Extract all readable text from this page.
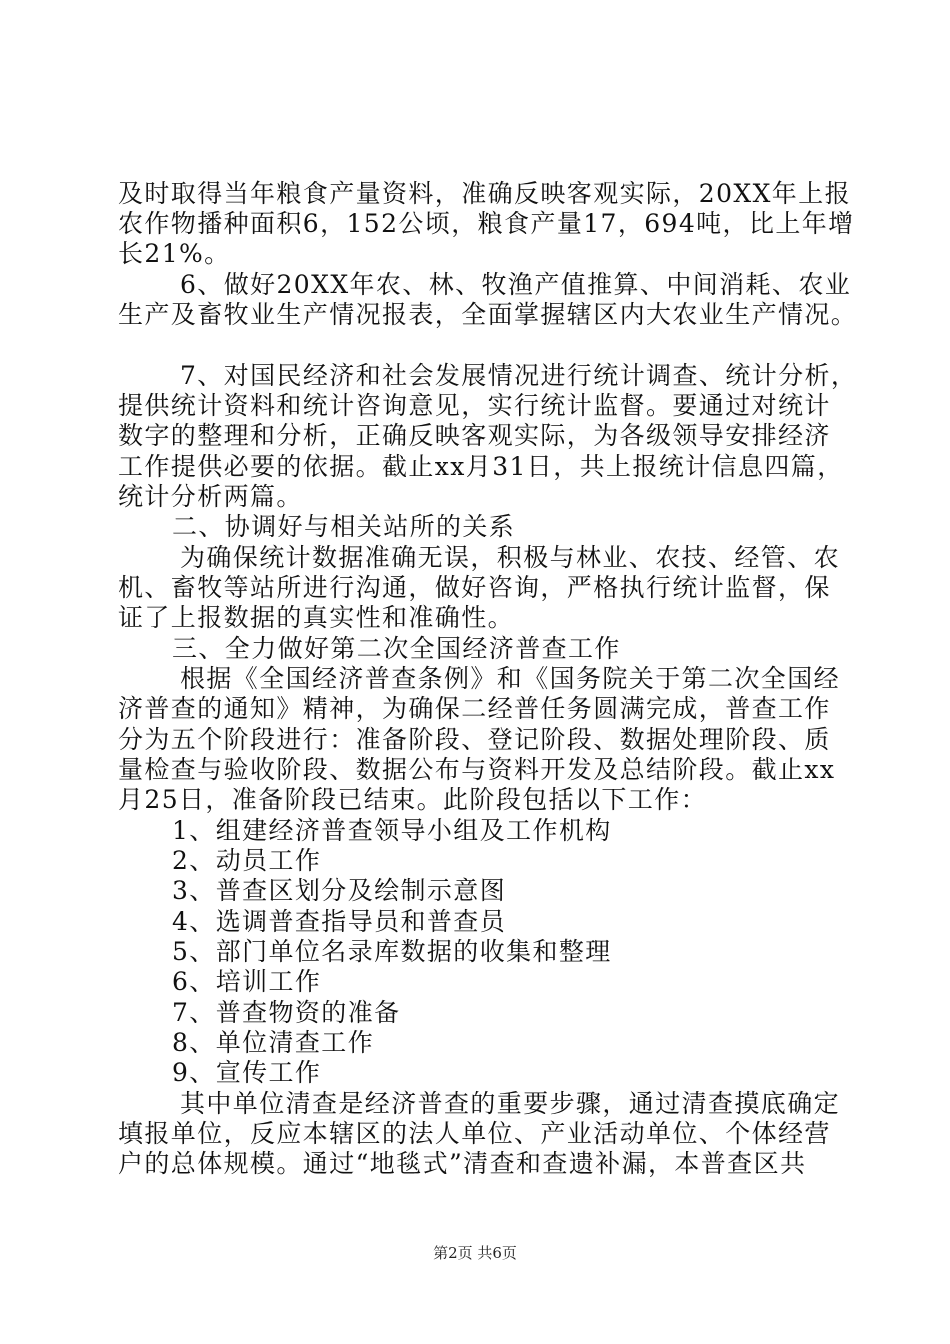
及时取得当年粮食产量资料，准确反映客观实际，20XX年上报
农作物播种面积6，152公顷，粮食产量17，694吨，比上年增
长21%。
6、做好20XX年农、林、牧渔产值推算、中间消耗、农业
生产及畜牧业生产情况报表，全面掌握辖区内大农业生产情况。
7、对国民经济和社会发展情况进行统计调查、统计分析，
提供统计资料和统计咨询意见，实行统计监督。要通过对统计
数字的整理和分析，正确反映客观实际，为各级领导安排经济
工作提供必要的依据。截止xx月31日，共上报统计信息四篇，
统计分析两篇。
二、协调好与相关站所的关系
为确保统计数据准确无误，积极与林业、农技、经管、农
机、畜牧等站所进行沟通，做好咨询，严格执行统计监督，保
证了上报数据的真实性和准确性。
三、全力做好第二次全国经济普查工作
根据《全国经济普查条例》和《国务院关于第二次全国经
济普查的通知》精神，为确保二经普任务圆满完成，普查工作
分为五个阶段进行：准备阶段、登记阶段、数据处理阶段、质
量检查与验收阶段、数据公布与资料开发及总结阶段。截止xx
月25日，准备阶段已结束。此阶段包括以下工作：
1、组建经济普查领导小组及工作机构
2、动员工作
3、普查区划分及绘制示意图
4、选调普查指导员和普查员
5、部门单位名录库数据的收集和整理
6、培训工作
7、普查物资的准备
8、单位清查工作
9、宣传工作
其中单位清查是经济普查的重要步骤，通过清查摸底确定
填报单位，反应本辖区的法人单位、产业活动单位、个体经营
户的总体规模。通过“地毯式”清查和查遗补漏，本普查区共
第2页 共6页
